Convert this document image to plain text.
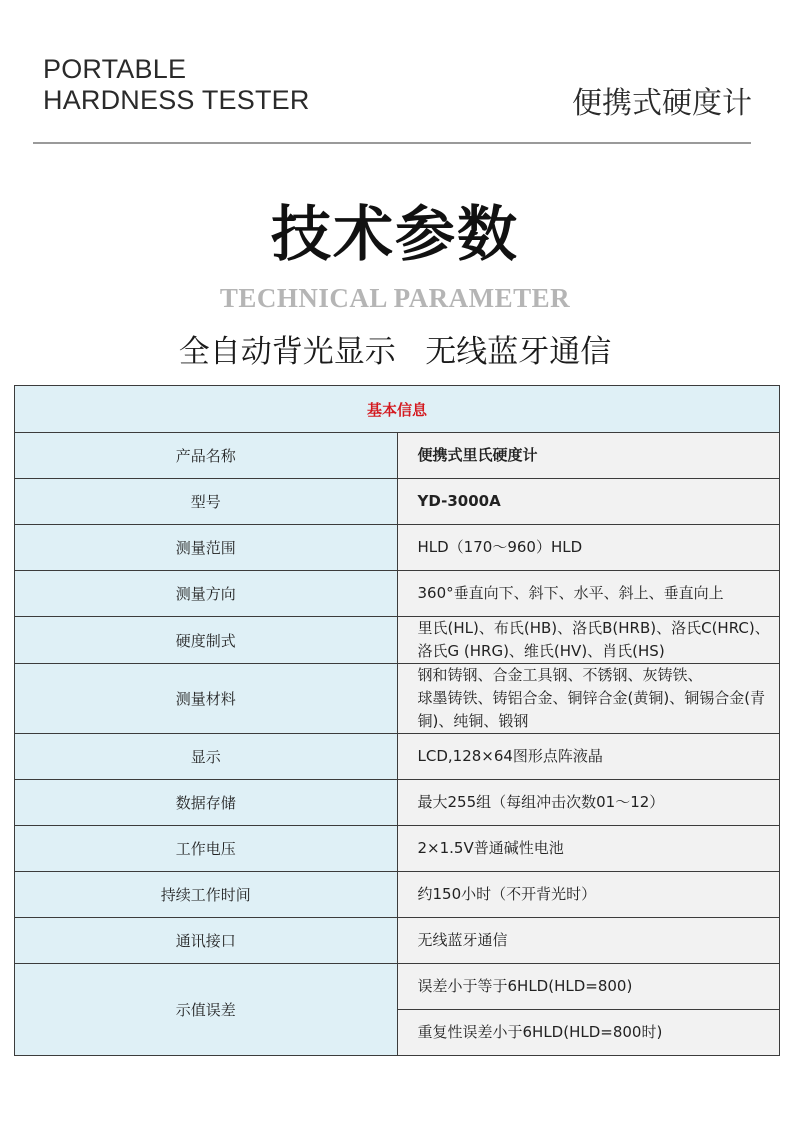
PORTABLE
HARDNESS TESTER	便携式硬度计
技术参数
TECHNICAL PARAMETER
全自动背光显示   无线蓝牙通信
基本信息	
产品名称	便携式里氏硬度计
型号	YD-3000A
测量范围	HLD（170～960）HLD
测量方向	360°垂直向下、斜下、水平、斜上、垂直向上
硬度制式	里氏(HL)、布氏(HB)、洛氏B(HRB)、洛氏C(HRC)、
洛氏G (HRG)、维氏(HV)、肖氏(HS)

测量材料	钢和铸钢、合金工具钢、不锈钢、灰铸铁、
球墨铸铁、铸铝合金、铜锌合金(黄铜)、铜锡合金(青铜)、纯铜、锻钢

显示	LCD,128×64图形点阵液晶
数据存储	最大255组（每组冲击次数01～12）
工作电压	2×1.5V普通碱性电池
持续工作时间	约150小时（不开背光时）
通讯接口	无线蓝牙通信
示值误差	误差小于等于6HLD(HLD=800)
	重复性误差小于6HLD(HLD=800时)
